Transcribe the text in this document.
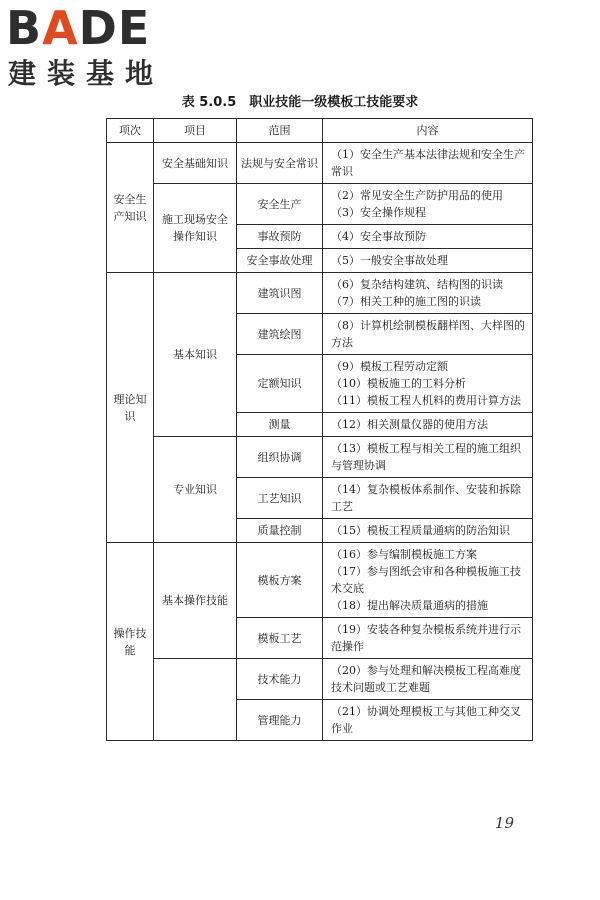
BADE
建装基地
表 5.0.5　职业技能一级模板工技能要求
项次	项目	范围	内容
安全生产知识	安全基础知识	法规与安全常识	（1）安全生产基本法律法规和安全生产常识

	施工现场安全操作知识	安全生产	（2）常见安全生产防护用品的使用
（3）安全操作规程

		事故预防	（4）安全事故预防

		安全事故处理	（5）一般安全事故处理

理论知识	基本知识	建筑识图	（6）复杂结构建筑、结构图的识读
（7）相关工种的施工图的识读

		建筑绘图	（8）计算机绘制模板翻样图、大样图的方法

		定额知识	（9）模板工程劳动定额
（10）模板施工的工料分析
（11）模板工程人机料的费用计算方法

		测量	（12）相关测量仪器的使用方法

	专业知识	组织协调	（13）模板工程与相关工程的施工组织与管理协调

		工艺知识	（14）复杂模板体系制作、安装和拆除工艺

		质量控制	（15）模板工程质量通病的防治知识

操作技能	基本操作技能	模板方案	（16）参与编制模板施工方案
（17）参与图纸会审和各种模板施工技术交底
（18）提出解决质量通病的措施

		模板工艺	（19）安装各种复杂模板系统并进行示范操作

		技术能力	（20）参与处理和解决模板工程高难度技术问题或工艺难题

		管理能力	（21）协调处理模板工与其他工种交叉作业
19
